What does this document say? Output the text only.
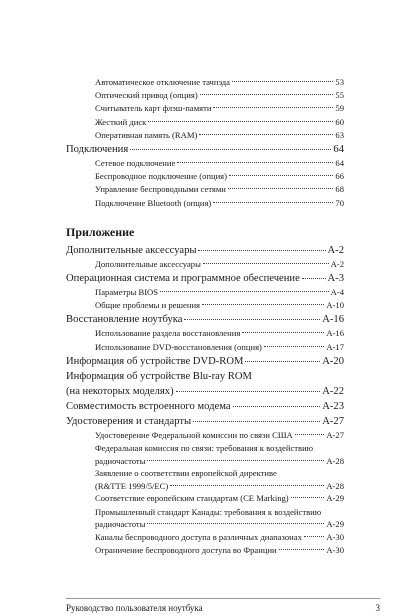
Автоматическое отключение тачпэда	53
Оптический привод (опция)	55
Считыватель карт флэш-памяти	59
Жесткий диск	60
Оперативная память (RAM)	63
Подключения	64
Сетевое подключение	64
Беспроводное подключение (опция)	66
Управление беспроводными сетями	68
Подключение Bluetooth (опция)	70
Приложение
Дополнительные аксессуары	A-2
Дополнительные аксессуары	A-2
Операционная система и программное обеспечение	A-3
Параметры BIOS	A-4
Общие проблемы и решения	A-10
Восстановление ноутбука	A-16
Использование раздела восстановления	A-16
Использование DVD-восстановления (опция)	A-17
Информация об устройстве DVD-ROM	A-20
Информация об устройстве Blu-ray ROM
(на некоторых моделях)	A-22
Совместимость встроенного модема	A-23
Удостоверения и стандарты	A-27
Удостоверение Федеральной комиссии по связи США	A-27
Федеральная комиссия по связи: требования к воздействию
радиочастоты	A-28
Заявление о соответствии европейской директиве
(R&TTE 1999/5/EC)	A-28
Соответствие европейским стандартам (CE Marking)	A-29
Промышленный стандарт Канады: требования к воздействию
радиочастоты	A-29
Каналы беспроводного доступа в различных диапазонах	A-30
Ограничение беспроводного доступа во Франции	A-30
Руководство пользователя ноутбука	3
